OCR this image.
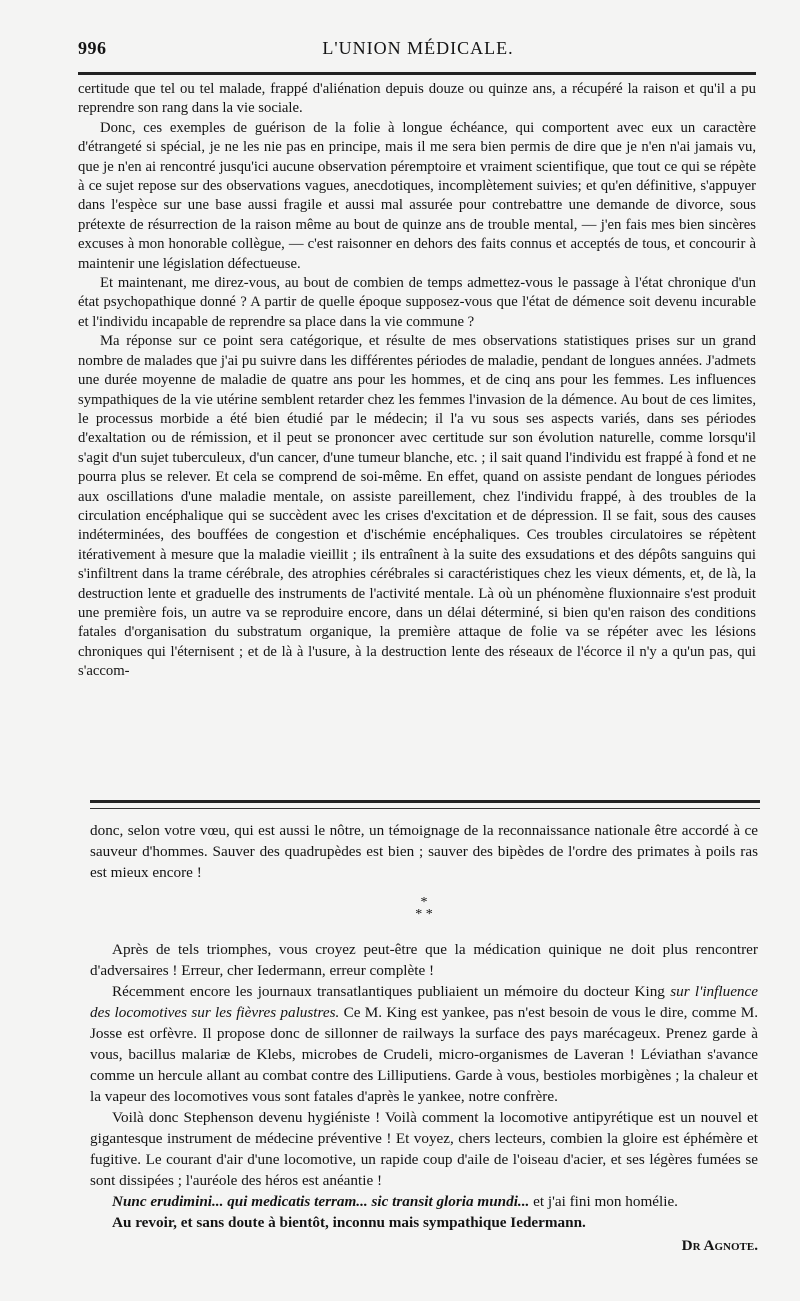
996	L'UNION MÉDICALE.

certitude que tel ou tel malade, frappé d'aliénation depuis douze ou quinze ans, a récupéré la raison et qu'il a pu reprendre son rang dans la vie sociale.

Donc, ces exemples de guérison de la folie à longue échéance, qui comportent avec eux un caractère d'étrangeté si spécial, je ne les nie pas en principe, mais il me sera bien permis de dire que je n'en n'ai jamais vu, que je n'en ai rencontré jusqu'ici aucune observation péremptoire et vraiment scientifique, que tout ce qui se répète à ce sujet repose sur des observations vagues, anecdotiques, incomplètement suivies; et qu'en définitive, s'appuyer dans l'espèce sur une base aussi fragile et aussi mal assurée pour contrebattre une demande de divorce, sous prétexte de résurrection de la raison même au bout de quinze ans de trouble mental, — j'en fais mes bien sincères excuses à mon honorable collègue, — c'est raisonner en dehors des faits connus et acceptés de tous, et concourir à maintenir une législation défectueuse.

Et maintenant, me direz-vous, au bout de combien de temps admettez-vous le passage à l'état chronique d'un état psychopathique donné ? A partir de quelle époque supposez-vous que l'état de démence soit devenu incurable et l'individu incapable de reprendre sa place dans la vie commune ?

Ma réponse sur ce point sera catégorique, et résulte de mes observations statistiques prises sur un grand nombre de malades que j'ai pu suivre dans les différentes périodes de maladie, pendant de longues années. J'admets une durée moyenne de maladie de quatre ans pour les hommes, et de cinq ans pour les femmes. Les influences sympathiques de la vie utérine semblent retarder chez les femmes l'invasion de la démence. Au bout de ces limites, le processus morbide a été bien étudié par le médecin; il l'a vu sous ses aspects variés, dans ses périodes d'exaltation ou de rémission, et il peut se prononcer avec certitude sur son évolution naturelle, comme lorsqu'il s'agit d'un sujet tuberculeux, d'un cancer, d'une tumeur blanche, etc. ; il sait quand l'individu est frappé à fond et ne pourra plus se relever. Et cela se comprend de soi-même. En effet, quand on assiste pendant de longues périodes aux oscillations d'une maladie mentale, on assiste pareillement, chez l'individu frappé, à des troubles de la circulation encéphalique qui se succèdent avec les crises d'excitation et de dépression. Il se fait, sous des causes indéterminées, des bouffées de congestion et d'ischémie encéphaliques. Ces troubles circulatoires se répètent itérativement à mesure que la maladie vieillit ; ils entraînent à la suite des exsudations et des dépôts sanguins qui s'infiltrent dans la trame cérébrale, des atrophies cérébrales si caractéristiques chez les vieux déments, et, de là, la destruction lente et graduelle des instruments de l'activité mentale. Là où un phénomène fluxionnaire s'est produit une première fois, un autre va se reproduire encore, dans un délai déterminé, si bien qu'en raison des conditions fatales d'organisation du substratum organique, la première attaque de folie va se répéter avec les lésions chroniques qui l'éternisent ; et de là à l'usure, à la destruction lente des réseaux de l'écorce il n'y a qu'un pas, qui s'accom-

donc, selon votre vœu, qui est aussi le nôtre, un témoignage de la reconnaissance nationale être accordé à ce sauveur d'hommes. Sauver des quadrupèdes est bien ; sauver des bipèdes de l'ordre des primates à poils ras est mieux encore !

*
* *

Après de tels triomphes, vous croyez peut-être que la médication quinique ne doit plus rencontrer d'adversaires ! Erreur, cher Iedermann, erreur complète !

Récemment encore les journaux transatlantiques publiaient un mémoire du docteur King sur l'influence des locomotives sur les fièvres palustres. Ce M. King est yankee, pas n'est besoin de vous le dire, comme M. Josse est orfèvre. Il propose donc de sillonner de railways la surface des pays marécageux. Prenez garde à vous, bacillus malariæ de Klebs, microbes de Crudeli, micro-organismes de Laveran ! Léviathan s'avance comme un hercule allant au combat contre des Lilliputiens. Garde à vous, bestioles morbigènes ; la chaleur et la vapeur des locomotives vous sont fatales d'après le yankee, notre confrère.

Voilà donc Stephenson devenu hygiéniste ! Voilà comment la locomotive antipyrétique est un nouvel et gigantesque instrument de médecine préventive ! Et voyez, chers lecteurs, combien la gloire est éphémère et fugitive. Le courant d'air d'une locomotive, un rapide coup d'aile de l'oiseau d'acier, et ses légères fumées se sont dissipées ; l'auréole des héros est anéantie !

Nunc erudimini... qui medicatis terram... sic transit gloria mundi... et j'ai fini mon homélie.

Au revoir, et sans doute à bientôt, inconnu mais sympathique Iedermann.

Dr Agnote.
